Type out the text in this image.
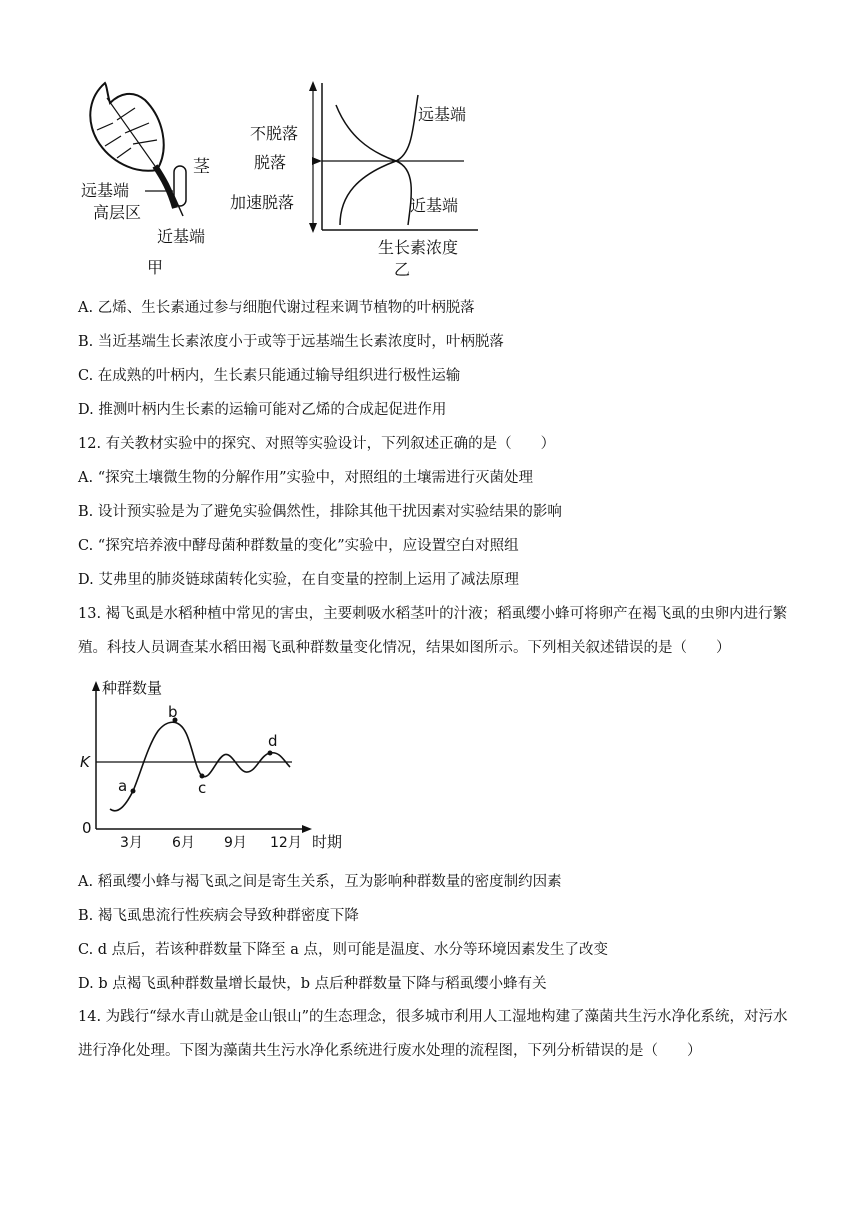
茎
远基端
高层区
近基端
甲
不脱落
脱落
加速脱落
远基端
近基端
生长素浓度
乙
A. 乙烯、生长素通过参与细胞代谢过程来调节植物的叶柄脱落
B. 当近基端生长素浓度小于或等于远基端生长素浓度时，叶柄脱落
C. 在成熟的叶柄内，生长素只能通过输导组织进行极性运输
D. 推测叶柄内生长素的运输可能对乙烯的合成起促进作用
12. 有关教材实验中的探究、对照等实验设计，下列叙述正确的是（　　）
A. “探究土壤微生物的分解作用”实验中，对照组的土壤需进行灭菌处理
B. 设计预实验是为了避免实验偶然性，排除其他干扰因素对实验结果的影响
C. “探究培养液中酵母菌种群数量的变化”实验中，应设置空白对照组
D. 艾弗里的肺炎链球菌转化实验，在自变量的控制上运用了减法原理
13. 褐飞虱是水稻种植中常见的害虫，主要刺吸水稻茎叶的汁液；稻虱缨小蜂可将卵产在褐飞虱的虫卵内进行繁殖。科技人员调查某水稻田褐飞虱种群数量变化情况，结果如图所示。下列相关叙述错误的是（　　）
种群数量
时期
K
0
3月 6月 9月 12月
a
b
c
d
A. 稻虱缨小蜂与褐飞虱之间是寄生关系，互为影响种群数量的密度制约因素
B. 褐飞虱患流行性疾病会导致种群密度下降
C. d 点后，若该种群数量下降至 a 点，则可能是温度、水分等环境因素发生了改变
D. b 点褐飞虱种群数量增长最快，b 点后种群数量下降与稻虱缨小蜂有关
14. 为践行“绿水青山就是金山银山”的生态理念，很多城市利用人工湿地构建了藻菌共生污水净化系统，对污水进行净化处理。下图为藻菌共生污水净化系统进行废水处理的流程图，下列分析错误的是（　　）
